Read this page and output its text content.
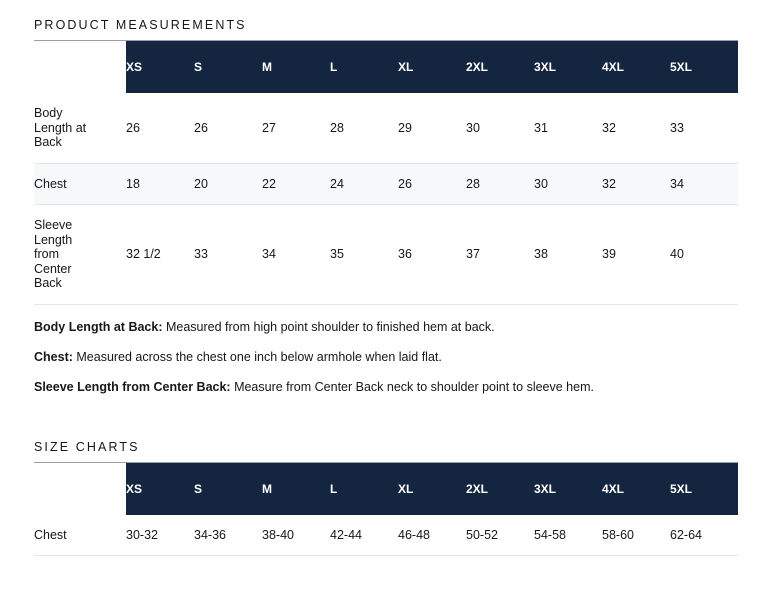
PRODUCT MEASUREMENTS
	XS	S	M	L	XL	2XL	3XL	4XL	5XL

Body Length at Back	26	26	27	28	29	30	31	32	33

Chest	18	20	22	24	26	28	30	32	34

Sleeve Length from Center Back	32 1/2	33	34	35	36	37	38	39	40

Body Length at Back: Measured from high point shoulder to finished hem at back.

Chest: Measured across the chest one inch below armhole when laid flat.

Sleeve Length from Center Back: Measure from Center Back neck to shoulder point to sleeve hem.

SIZE CHARTS
	XS	S	M	L	XL	2XL	3XL	4XL	5XL
Chest	30-32	34-36	38-40	42-44	46-48	50-52	54-58	58-60	62-64
